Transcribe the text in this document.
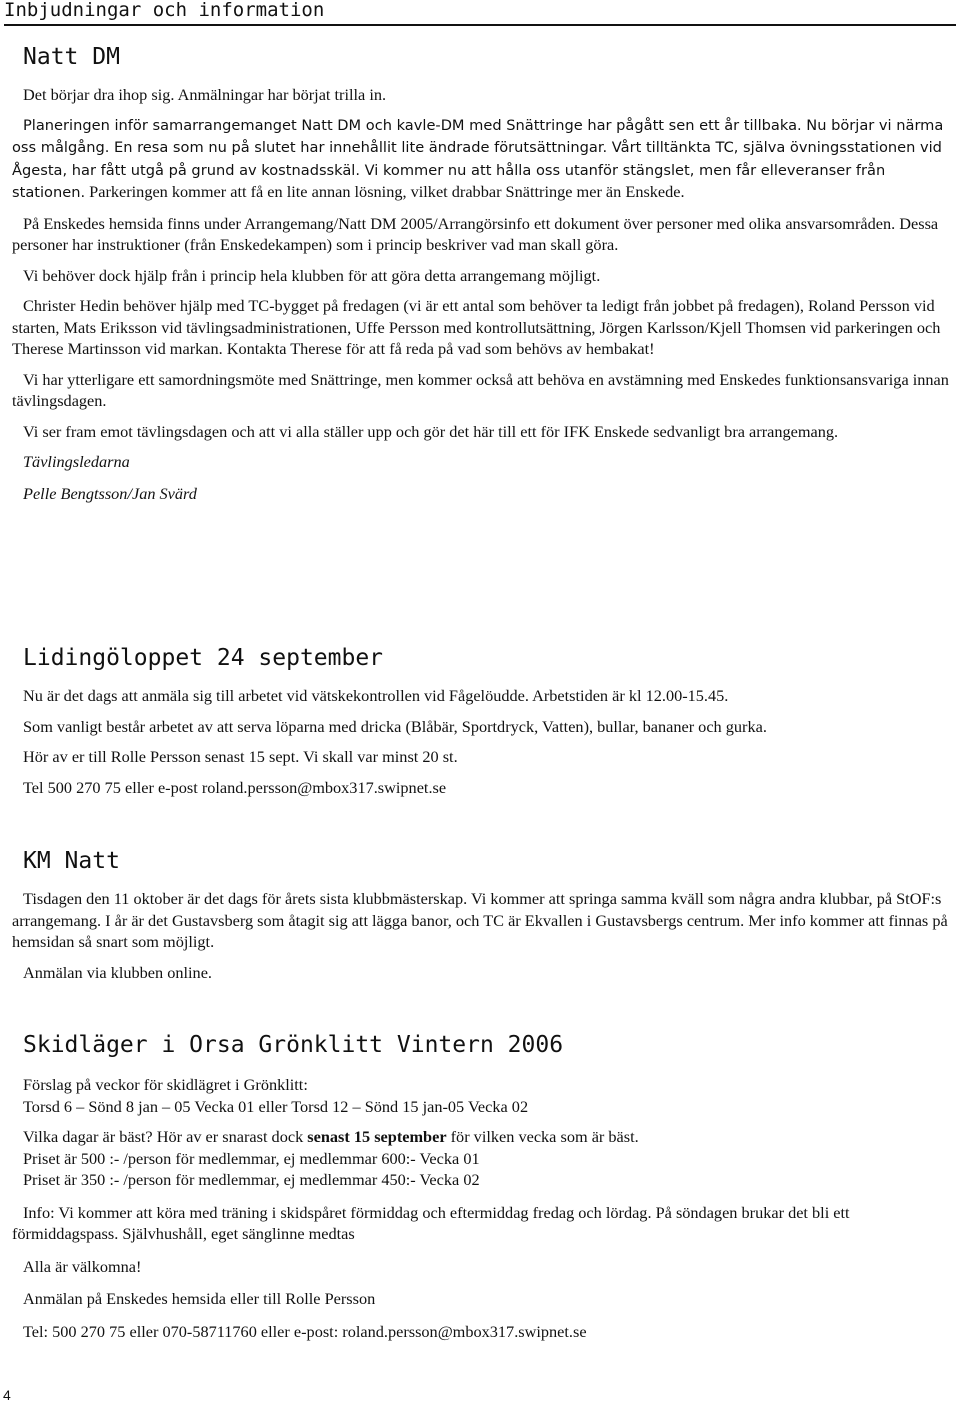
Inbjudningar och information
Natt DM

Det börjar dra ihop sig. Anmälningar har börjat trilla in.

Planeringen inför samarrangemanget Natt DM och kavle-DM med Snättringe har pågått sen ett år tillbaka. Nu börjar vi närma oss målgång. En resa som nu på slutet har innehållit lite ändrade förutsättningar. Vårt tilltänkta TC, själva övningsstationen vid Ågesta, har fått utgå på grund av kostnadsskäl. Vi kommer nu att hålla oss utanför stängslet, men får elleveranser från stationen. Parkeringen kommer att få en lite annan lösning, vilket drabbar Snättringe mer än Enskede.

På Enskedes hemsida finns under Arrangemang/Natt DM 2005/Arrangörsinfo ett dokument över personer med olika ansvarsområden. Dessa personer har instruktioner (från Enskedekampen) som i princip beskriver vad man skall göra.

Vi behöver dock hjälp från i princip hela klubben för att göra detta arrangemang möjligt.

Christer Hedin behöver hjälp med TC-bygget på fredagen (vi är ett antal som behöver ta ledigt från jobbet på fredagen), Roland Persson vid starten, Mats Eriksson vid tävlingsadministrationen, Uffe Persson med kontrollutsättning, Jörgen Karlsson/Kjell Thomsen vid parkeringen och Therese Martinsson vid markan. Kontakta Therese för att få reda på vad som behövs av hembakat!

Vi har ytterligare ett samordningsmöte med Snättringe, men kommer också att behöva en avstämning med Enskedes funktionsansvariga innan tävlingsdagen.

Vi ser fram emot tävlingsdagen och att vi alla ställer upp och gör det här till ett för IFK Enskede sedvanligt bra arrangemang.

Tävlingsledarna

Pelle Bengtsson/Jan Svärd

Lidingöloppet 24 september

Nu är det dags att anmäla sig till arbetet vid vätskekontrollen vid Fågelöudde. Arbetstiden är kl 12.00-15.45.

Som vanligt består arbetet av att serva löparna med dricka (Blåbär, Sportdryck, Vatten), bullar, bananer och gurka.

Hör av er till Rolle Persson senast 15 sept. Vi skall var minst 20 st.

Tel 500 270 75 eller e-post roland.persson@mbox317.swipnet.se

KM Natt

Tisdagen den 11 oktober är det dags för årets sista klubbmästerskap. Vi kommer att springa samma kväll som några andra klubbar, på StOF:s arrangemang. I år är det Gustavsberg som åtagit sig att lägga banor, och TC är Ekvallen i Gustavsbergs centrum. Mer info kommer att finnas på hemsidan så snart som möjligt.

Anmälan via klubben online.

Skidläger i Orsa Grönklitt Vintern 2006

Förslag på veckor för skidlägret i Grönklitt:

Torsd 6 – Sönd 8 jan – 05 Vecka 01 eller Torsd 12 – Sönd 15 jan-05 Vecka 02

Vilka dagar är bäst? Hör av er snarast dock senast 15 september för vilken vecka som är bäst.

Priset är 500 :- /person för medlemmar, ej medlemmar 600:- Vecka 01

Priset är 350 :- /person för medlemmar, ej medlemmar 450:- Vecka 02

Info: Vi kommer att köra med träning i skidspåret förmiddag och eftermiddag fredag och lördag. På söndagen brukar det bli ett förmiddagspass. Självhushåll, eget sänglinne medtas

Alla är välkomna!

Anmälan på Enskedes hemsida eller till Rolle Persson

Tel: 500 270 75 eller 070-58711760 eller e-post: roland.persson@mbox317.swipnet.se

4
